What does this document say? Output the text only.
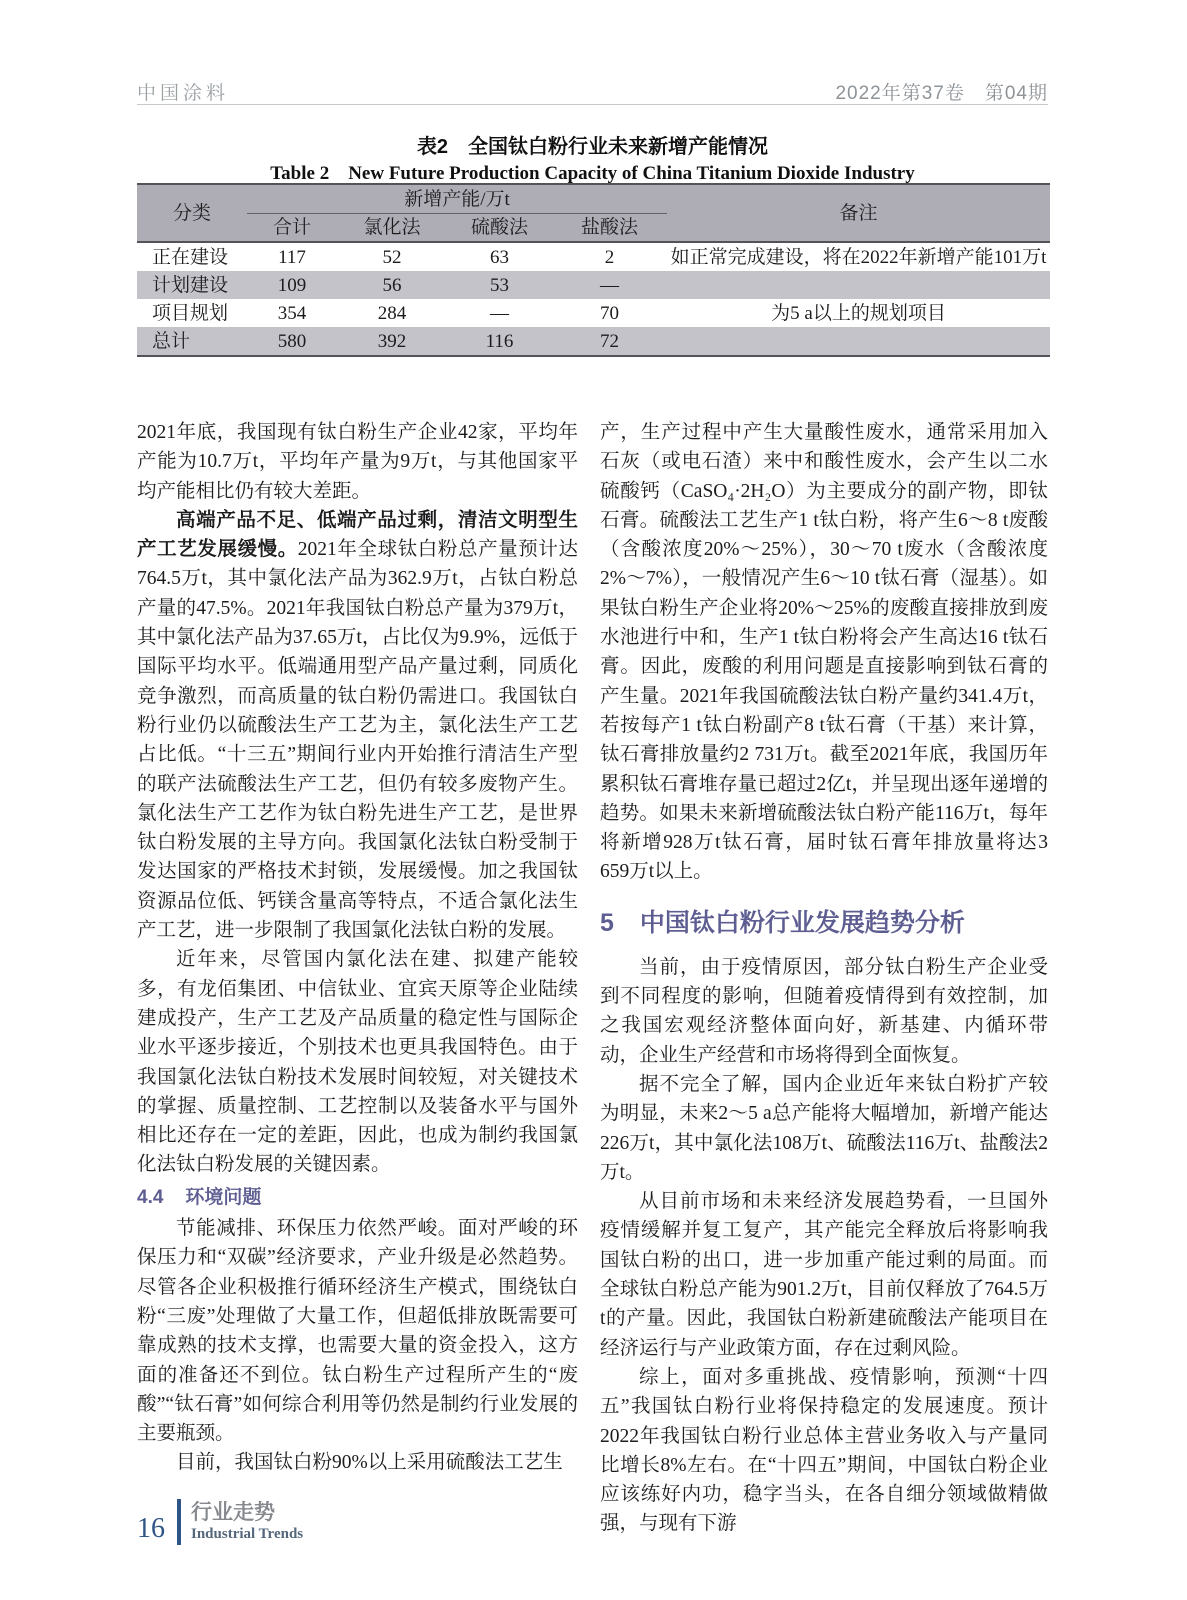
中国涂料	2022年第37卷　第04期
表2　全国钛白粉行业未来新增产能情况
Table 2　New Future Production Capacity of China Titanium Dioxide Industry
分类	新增产能/万t				备注
	合计	氯化法	硫酸法	盐酸法	
正在建设	117	52	63	2	如正常完成建设，将在2022年新增产能101万t
计划建设	109	56	53	—	
项目规划	354	284	—	70	为5 a以上的规划项目
总计	580	392	116	72	

2021年底，我国现有钛白粉生产企业42家，平均年产能为10.7万t，平均年产量为9万t，与其他国家平均产能相比仍有较大差距。

高端产品不足、低端产品过剩，清洁文明型生产工艺发展缓慢。2021年全球钛白粉总产量预计达764.5万t，其中氯化法产品为362.9万t，占钛白粉总产量的47.5%。2021年我国钛白粉总产量为379万t，其中氯化法产品为37.65万t，占比仅为9.9%，远低于国际平均水平。低端通用型产品产量过剩，同质化竞争激烈，而高质量的钛白粉仍需进口。我国钛白粉行业仍以硫酸法生产工艺为主，氯化法生产工艺占比低。“十三五”期间行业内开始推行清洁生产型的联产法硫酸法生产工艺，但仍有较多废物产生。氯化法生产工艺作为钛白粉先进生产工艺，是世界钛白粉发展的主导方向。我国氯化法钛白粉受制于发达国家的严格技术封锁，发展缓慢。加之我国钛资源品位低、钙镁含量高等特点，不适合氯化法生产工艺，进一步限制了我国氯化法钛白粉的发展。

近年来，尽管国内氯化法在建、拟建产能较多，有龙佰集团、中信钛业、宜宾天原等企业陆续建成投产，生产工艺及产品质量的稳定性与国际企业水平逐步接近，个别技术也更具我国特色。由于我国氯化法钛白粉技术发展时间较短，对关键技术的掌握、质量控制、工艺控制以及装备水平与国外相比还存在一定的差距，因此，也成为制约我国氯化法钛白粉发展的关键因素。

4.4 环境问题

节能减排、环保压力依然严峻。面对严峻的环保压力和“双碳”经济要求，产业升级是必然趋势。尽管各企业积极推行循环经济生产模式，围绕钛白粉“三废”处理做了大量工作，但超低排放既需要可靠成熟的技术支撑，也需要大量的资金投入，这方面的准备还不到位。钛白粉生产过程所产生的“废酸”“钛石膏”如何综合利用等仍然是制约行业发展的主要瓶颈。

目前，我国钛白粉90%以上采用硫酸法工艺生

产，生产过程中产生大量酸性废水，通常采用加入石灰（或电石渣）来中和酸性废水，会产生以二水硫酸钙（CaSO₄·2H₂O）为主要成分的副产物，即钛石膏。硫酸法工艺生产1 t钛白粉，将产生6～8 t废酸（含酸浓度20%～25%），30～70 t废水（含酸浓度2%～7%），一般情况产生6～10 t钛石膏（湿基）。如果钛白粉生产企业将20%～25%的废酸直接排放到废水池进行中和，生产1 t钛白粉将会产生高达16 t钛石膏。因此，废酸的利用问题是直接影响到钛石膏的产生量。2021年我国硫酸法钛白粉产量约341.4万t，若按每产1 t钛白粉副产8 t钛石膏（干基）来计算，钛石膏排放量约2 731万t。截至2021年底，我国历年累积钛石膏堆存量已超过2亿t，并呈现出逐年递增的趋势。如果未来新增硫酸法钛白粉产能116万t，每年将新增928万t钛石膏，届时钛石膏年排放量将达3 659万t以上。

5 中国钛白粉行业发展趋势分析

当前，由于疫情原因，部分钛白粉生产企业受到不同程度的影响，但随着疫情得到有效控制，加之我国宏观经济整体面向好，新基建、内循环带动，企业生产经营和市场将得到全面恢复。

据不完全了解，国内企业近年来钛白粉扩产较为明显，未来2～5 a总产能将大幅增加，新增产能达226万t，其中氯化法108万t、硫酸法116万t、盐酸法2万t。

从目前市场和未来经济发展趋势看，一旦国外疫情缓解并复工复产，其产能完全释放后将影响我国钛白粉的出口，进一步加重产能过剩的局面。而全球钛白粉总产能为901.2万t，目前仅释放了764.5万t的产量。因此，我国钛白粉新建硫酸法产能项目在经济运行与产业政策方面，存在过剩风险。

综上，面对多重挑战、疫情影响，预测“十四五”我国钛白粉行业将保持稳定的发展速度。预计2022年我国钛白粉行业总体主营业务收入与产量同比增长8%左右。在“十四五”期间，中国钛白粉企业应该练好内功，稳字当头，在各自细分领域做精做强，与现有下游

16
行业走势
Industrial Trends
